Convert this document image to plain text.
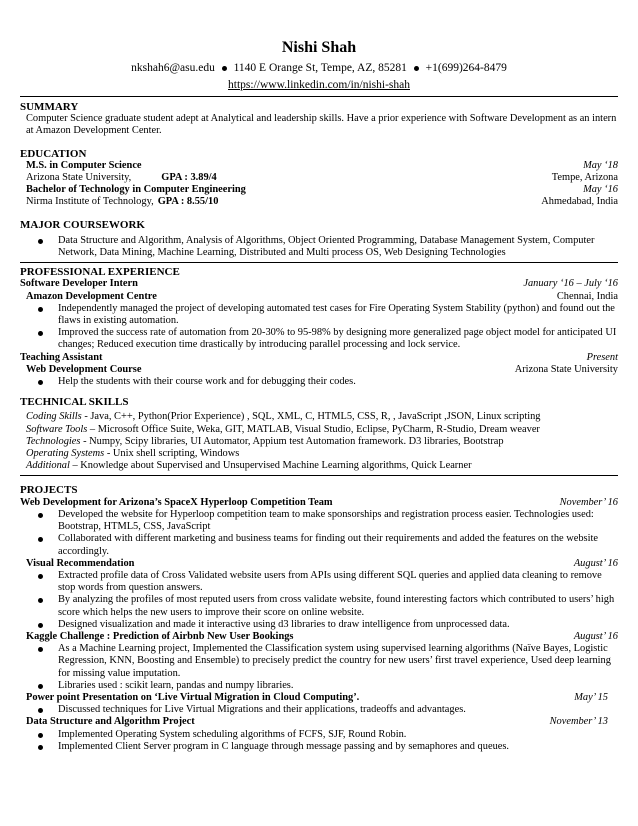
Nishi Shah
nkshah6@asu.edu 1140 E Orange St, Tempe, AZ, 85281 +1(699)264-8479
https://www.linkedin.com/in/nishi-shah
SUMMARY
Computer Science graduate student adept at Analytical and leadership skills. Have a prior experience with Software Development as an intern at Amazon Development Center.
EDUCATION
M.S. in Computer Science	May ‘18
Arizona State University,	GPA : 3.89/4	Tempe, Arizona
Bachelor of Technology in Computer Engineering	May ‘16
Nirma Institute of Technology, GPA : 8.55/10	Ahmedabad, India
MAJOR COURSEWORK
Data Structure and Algorithm, Analysis of Algorithms, Object Oriented Programming, Database Management System, Computer Network, Data Mining, Machine Learning, Distributed and Multi process OS, Web Designing Technologies
PROFESSIONAL EXPERIENCE
Software Developer Intern	January ‘16 – July ‘16
Amazon Development Centre	Chennai, India
Independently managed the project of developing automated test cases for Fire Operating System Stability (python) and found out the flaws in existing automation.
Improved the success rate of automation from 20-30% to 95-98% by designing more generalized page object model for anticipated UI changes; Reduced execution time drastically by introducing parallel processing and lock service.
Teaching Assistant	Present
Web Development Course	Arizona State University
Help the students with their course work and for debugging their codes.
TECHNICAL SKILLS
Coding Skills - Java, C++, Python(Prior Experience) , SQL, XML, C, HTML5, CSS, R, , JavaScript ,JSON, Linux scripting
Software Tools – Microsoft Office Suite, Weka, GIT, MATLAB, Visual Studio, Eclipse, PyCharm, R-Studio, Dream weaver
Technologies - Numpy, Scipy libraries, UI Automator, Appium test Automation framework. D3 libraries, Bootstrap
Operating Systems - Unix shell scripting, Windows
Additional – Knowledge about Supervised and Unsupervised Machine Learning algorithms, Quick Learner
PROJECTS
Web Development for Arizona’s SpaceX Hyperloop Competition Team	November’ 16
Developed the website for Hyperloop competition team to make sponsorships and registration process easier. Technologies used: Bootstrap, HTML5, CSS, JavaScript
Collaborated with different marketing and business teams for finding out their requirements and added the features on the website accordingly.
Visual Recommendation	August’ 16
Extracted profile data of Cross Validated website users from APIs using different SQL queries and applied data cleaning to remove stop words from question answers.
By analyzing the profiles of most reputed users from cross validate website, found interesting factors which contributed to users’ high score which helps the new users to improve their score on online website.
Designed visualization and made it interactive using d3 libraries to draw intelligence from unprocessed data.
Kaggle Challenge : Prediction of Airbnb New User Bookings	August’ 16
As a Machine Learning project, Implemented the Classification system using supervised learning algorithms (Naïve Bayes, Logistic Regression, KNN, Boosting and Ensemble) to precisely predict the country for new users’ first travel experience, Used deep learning for missing value imputation.
Libraries used : scikit learn, pandas and numpy libraries.
Power point Presentation on ‘Live Virtual Migration in Cloud Computing’.	May’ 15
Discussed techniques for Live Virtual Migrations and their applications, tradeoffs and advantages.
Data Structure and Algorithm Project	November’ 13
Implemented Operating System scheduling algorithms of FCFS, SJF, Round Robin.
Implemented Client Server program in C language through message passing and by semaphores and queues.
